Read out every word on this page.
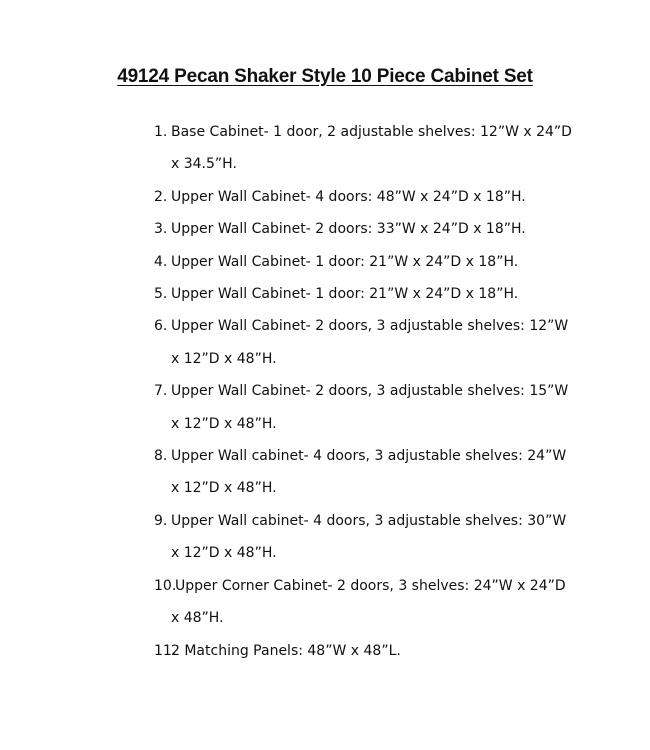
49124 Pecan Shaker Style 10 Piece Cabinet Set
1. Base Cabinet- 1 door, 2 adjustable shelves: 12”W x 24”D
x 34.5”H.
2. Upper Wall Cabinet- 4 doors: 48”W x 24”D x 18”H.
3. Upper Wall Cabinet- 2 doors: 33”W x 24”D x 18”H.
4. Upper Wall Cabinet- 1 door: 21”W x 24”D x 18”H.
5. Upper Wall Cabinet- 1 door: 21”W x 24”D x 18”H.
6. Upper Wall Cabinet- 2 doors, 3 adjustable shelves: 12”W
x 12”D x 48”H.
7. Upper Wall Cabinet- 2 doors, 3 adjustable shelves: 15”W
x 12”D x 48”H.
8. Upper Wall cabinet- 4 doors, 3 adjustable shelves: 24”W
x 12”D x 48”H.
9. Upper Wall cabinet- 4 doors, 3 adjustable shelves: 30”W
x 12”D x 48”H.
10.Upper Corner Cabinet- 2 doors, 3 shelves: 24”W x 24”D
x 48”H.
11.2 Matching Panels: 48”W x 48”L.
